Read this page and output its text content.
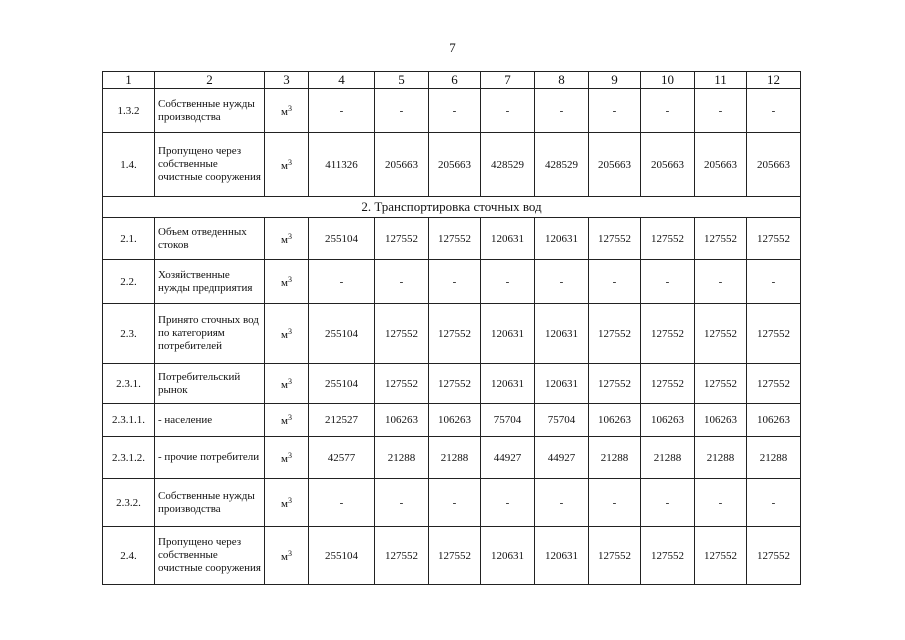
7
1	2	3	4	5	6	7	8	9	10	11	12
1.3.2	Собственные нужды производства	$м^3$	-	-	-	-	-	-	-	-	-
1.4.	Пропущено через собственные очистные сооружения	$м^3$	411326	205663	205663	428529	428529	205663	205663	205663	205663
2. Транспортировка сточных вод											
2.1.	Объем отведенных стоков	$м^3$	255104	127552	127552	120631	120631	127552	127552	127552	127552
2.2.	Хозяйственные нужды предприятия	$м^3$	-	-	-	-	-	-	-	-	-
2.3.	Принято сточных вод по категориям потребителей	$м^3$	255104	127552	127552	120631	120631	127552	127552	127552	127552
2.3.1.	Потребительский рынок	$м^3$	255104	127552	127552	120631	120631	127552	127552	127552	127552
2.3.1.1.	- население	$м^3$	212527	106263	106263	75704	75704	106263	106263	106263	106263
2.3.1.2.	- прочие потребители	$м^3$	42577	21288	21288	44927	44927	21288	21288	21288	21288
2.3.2.	Собственные нужды производства	$м^3$	-	-	-	-	-	-	-	-	-
2.4.	Пропущено через собственные очистные сооружения	$м^3$	255104	127552	127552	120631	120631	127552	127552	127552	127552
